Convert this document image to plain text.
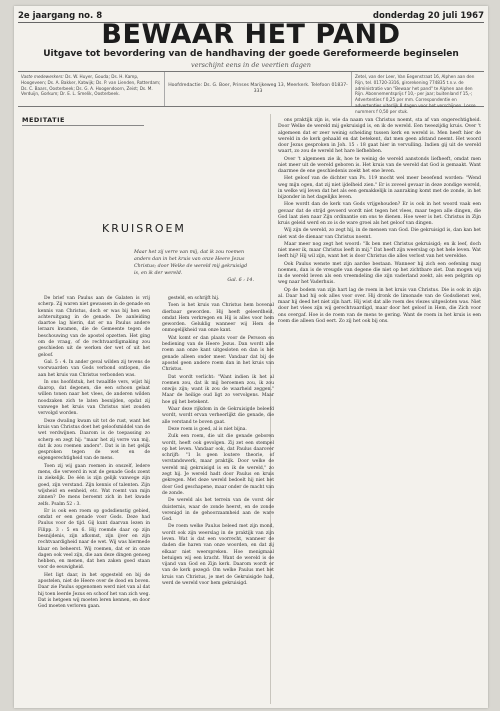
2e jaargang no. 8	donderdag 20 juli 1967
BEWAAR HET PAND
Uitgave tot bevordering van de handhaving der goede Gereformeerde beginselen
verschijnt eens in de veertien dagen
Vaste medewerkers: Ds. W. Huyer, Gouda; Ds. H. Kamp, Hoogeveen; Ds. A. Bakker, Katwijk; Ds. P. van Lienden, Rotterdam; Ds. C. Baars, Oosterbeek; Ds. G. A. Hoogendoorn, Zeist; Ds. M. Verduijn, Gorkum; Dr. E. L. Smelik, Oosterbeek.
Hoofdredactie: Ds. G. Boer, Prinses Marijkeweg 13, Meerkerk. Telefoon 01837-333
Zetel, van der Leer, Van Eegenstraat 16, Alphen aan den Rijn, tel. 01720-3316, girorekening 774835 t.n.v. de administratie van "Bewaar het pand" te Alphen aan den Rijn. Abonnementsprijs f 10,- per jaar; buitenland f 15,-; Advertenties f 0,25 per mm. Correspondentie en advertenties uiterlijk 8 dagen voor het verschijnen. Losse nummers f 0,50 per stuk.
MEDITATIE
KRUISROEM
Maar het zij verre van mij, dat ik zou roemen anders dan in het kruis van onze Heere Jezus Christus; door Welke de wereld mij gekruisigd is, en ik der wereld.
Gal. 6 : 14.

De brief van Paulus aan de Galaten is vrij scherp. Zij waren niet gewassen in de genade en kennis van Christus, doch er was bij hen een achteruitgang in de genade. De aanleiding daartoe lag hierin, dat er na Paulus andere leraars kwamen, die de Gemeente tegen de beschouwing van de apostel opzetten. Het ging om de vraag, of de rechtvaardigmaking zou geschieden uit de werken der wet of uit het geloof.

Gal. 5 : 4. In ander geval wilden zij tevens de voorwaarden van Gods verbond ontlopen, die aan het kruis van Christus verbonden was.

In ons hoofdstuk, het twaalfde vers, wijst hij daarop, dat degenen, die een schoon gelaat willen tonen naar het vlees, de anderen wilden noodzaken zich te laten besnijden, opdat zij vanwege het kruis van Christus niet zouden vervolgd worden.

Deze dwaling kwam uit tot de rust, want het kruis van Christus doet het geloofsmiddel van de wet verdwijnen. Daarom is de toepassing zo scherp en zegt hij: "maar het zij verre van mij, dat ik zou roemen anders". Dat is in het gelijk gesproken tegen de wet en de eigengerechtigheid van de mens.

Toen zij wij gaan roemen in onszelf, ledere mens, die verwerd in wat de genade Gods zoent in ziekelijk. De één is zijn gelijk vanwege zijn goed, zijn verstand. Zijn kennis of talenten. Zijn wijsheid en eenheid, etc. Wat roemt van mijn zinnen? De mens beroemt zich in het kwade zelfs. Psalm 52 : 3.

Er is ook een roem op godsdienstig gebied, omdat er een genade voor Gods. Deze had Paulus voor de tijd. Gij kunt daarvan lezen in Filipp. 3 : 5 en 6. Hij roemde daar op zijn besnijdenis, zijn afkomst, zijn ijver en zijn rechtvaardigheid naar de wet. Wij was hiermede klaar en beheerst. Wij roemen, dat er in onze dagen ook veel zijn, die aan deze dingen genoeg hebben, en menen, dat hen zaken goed staan voor de eeuwigheid.

Het ligt daar, in het opgesteld en bij de apostelen, niet de Heere over de dood en boven. Daar zie Paulus opgenomen werd niet van al dat hij toen leerde Jezus en schoof het van zich weg. Dat is hetgeen wij moeten leren kennen, en door God moeten verloren gaan.

gesteld, en schrijft hij.

Toen is het kruis van Christus hem bovenal dierbaar geworden. Hij heeft geleerdheid, omdat Hem verkregen en Hij is alles voor hem geworden. Geluklig wanneer wij Hem de onmogelijkheid van onze kant.

Wat komt er dan plaats voor de Persoon en bediening van de Heere Jezus. Dan wordt alle roem aan onze kant uitgesloten en dan is het genade alleen onder meer. Vandaar dat bij de apostel geen andere roem dan in het kruis van Christus.

Dat wordt verlicht: "Want indien ik het al roemen zou, dat ik mij beroemen zou, ik zou onwijs zijn; want ik zou de waarheid zeggen." Maar de heilige oud ligt zo vervolgens. Maar hoe gij het betekent.

Waar deze rijkdom in de Gekruisigde beleefd wordt, wordt ervan verheerlijkt die genade, die alle verstand te boven gaat.

Deze roem is goed, al is niet bijna.

Zulk een roem, die uit die genade geboren wordt, heeft ook gevolgen. Zij zet een stempel op het leven. Vandaar ook, dat Paulus daarover schrijft: "1 Is geen loutere theorie, of verstandswerk, maar praktijk. Door welke de wereld mij gekruisigd is en ik de wereld," zo zegt hij. Je wereld hadt door Paulus en kruis gekregen. Met deze wereld bedoelt hij niet het door God geschapene, maar onder de macht van de zonde.

De wereld als het terrein van de vorst der duisternis, waar de zonde heerst, en de zonde verenigd in de gehoorzaamheid aan de ware God.

De roem welke Paulus beleed met zijn mond, wordt ook zijn weerslag in de praktijk van zijn leven. Wat is dat een voorrecht, wanneer de daden die haren van onze woorden, en dat zij elkaar niet weerspreken. Hoe menigmaal betuigen wij een kracht. Want de wereld is de vijand van God en Zijn kerk. Daarom wordt er van de kerk gezegd: Om welke Paulus met het kruis van Christus, je met de Gekruisigde had, werd de wereld voor hem gekruisigd.

ons praktijk zijn is, wie da naam van Christus noemt, sta af van ongerechtigheid. Door Welke de wereld mij gekruisigd is, en ik de wereld. Een tweezijdig kruis. Over 't algemeen dat er zeer weinig scheiding tussen kerk en wereld is. Men heeft hier de wereld in de kerk gehaald en dat betekent, dat men geen afstand neemt. Het woord door Jezus gesproken in Joh. 15 : 18 gaat hier in vervulling. Indien gij uit de wereld waart, zo zou de wereld het hare liefhebben.

Over 't algemeen zie ik, hoe te weinig de wereld aanstonds liefheeft, omdat men niet meer uit de wereld geboren is. Het kruis van de wereld dat God is gemaakt. Want daarmee de ene geschiedenis zoekt het ene leven.

Het geloof van de dichter van Ps. 119 mocht wel meer beoefend worden: "Wend weg mijn ogen, dat zij niet ijdelheid zien." Er is zoveel gevaar in deze zondige wereld, in welke wij leven dat het als een gemakkelijk in aanraking komt met de zonde, in het bijzonder in het dagelijks leven.

Hoe wordt dan de kerk van Gods vrijgehouden? Er is ook in het woord vaak een gevaar dat de strijd gevoerd wordt niet tegen het vlees, maar tegen alle dingen, die God laat zien naar Zijn ordinantie om ons te dienen. Hoe weer is het. Christus in Zijn kruis geleid werd en zo is de ware groei als het geloof van dingen.

Wij zijn de wereld, zo zegt hij, in de mensen van God. Die gekruisigd is, dan kan het niet wat de dienaar van Christus noemt.

Maar meer nog zegt het woord: "Ik ben met Christus gekruisigd; en ik leef, doch niet meer ik, maar Christus leeft in mij." Dat heeft zijn weerslag op het hele leven. Wat leeft hij? Hij wil zijn, want het is door Christus die alles verlost van het wereldse.

Ook Paulus wenste met zijn aardse bestaan. Wanneer hij zich een oefening mag noemen, dan is de vreugde van degene die niet op het zichtbare ziet. Dan mogen wij in de wereld leven als een vreemdeling die zijn vaderland zoekt, als een pelgrim op weg naar het Vaderhuis.

Op de bodem van zijn hart lag de roem in het kruis van Christus. Die is ook in zijn al. Daar had hij ook alles voor over. Hij dronk de limonade van de Godsdienst wel, maar hij deed het niet zijn hart. Hij wist dat alle roem des vlezes uitgesloten was. Niet door het vlees zijn wij gerechtvaardigd, maar door het geloof in Hem, die Zich voor ons overgaf. Hoe is de roem van de mens te gering. Want de roem in het kruis is een roem die alleen God eert. Zo zij het ook bij ons.
